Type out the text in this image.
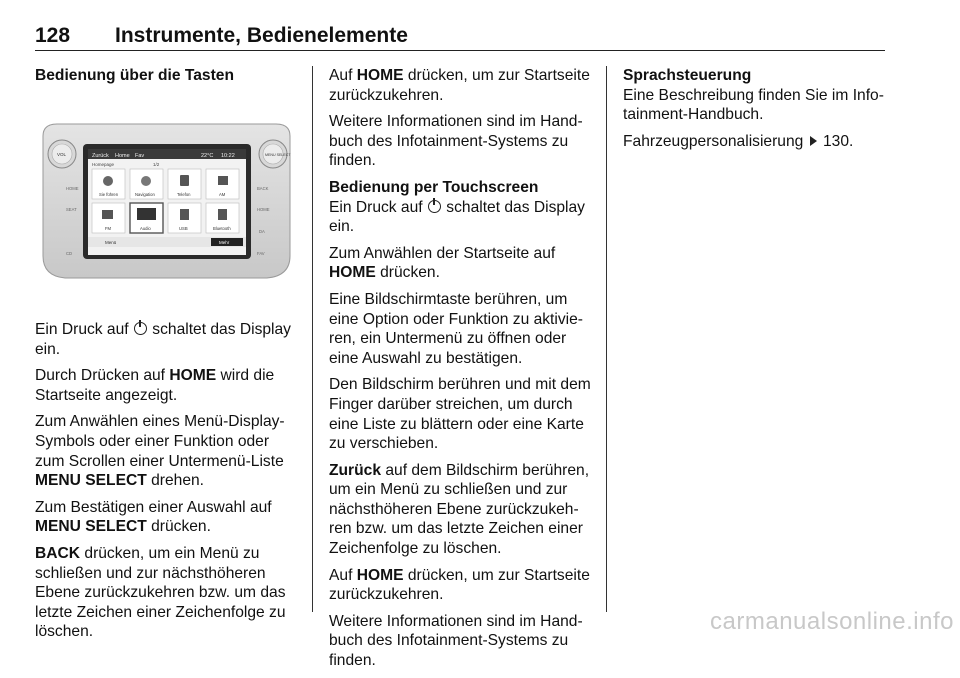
128 Instrumente, Bedienelemente

Bedienung über die Tasten

Zurück Home Fav	22°C 10:22
Homepage	1/2
Sie führen	Navigation	Telefon	AM
FM	Audio	USB	Bluetooth
Menü	Mehr
VOL	MENU SELECT
HOME
SEAT
CD
BACK
HOME
DA
FAV

Ein Druck auf schaltet das Display ein.

Durch Drücken auf HOME wird die Startseite angezeigt.

Zum Anwählen eines Menü-Display-Symbols oder einer Funktion oder zum Scrollen einer Untermenü-Liste MENU SELECT drehen.

Zum Bestätigen einer Auswahl auf MENU SELECT drücken.

BACK drücken, um ein Menü zu schließen und zur nächsthöheren Ebene zurückzukehren bzw. um das letzte Zeichen einer Zeichenfolge zu löschen.

Auf HOME drücken, um zur Startseite zurückzukehren.

Weitere Informationen sind im Hand-buch des Infotainment-Systems zu finden.

Bedienung per Touchscreen

Ein Druck auf schaltet das Display ein.

Zum Anwählen der Startseite auf HOME drücken.

Eine Bildschirmtaste berühren, um eine Option oder Funktion zu aktivie-ren, ein Untermenü zu öffnen oder eine Auswahl zu bestätigen.

Den Bildschirm berühren und mit dem Finger darüber streichen, um durch eine Liste zu blättern oder eine Karte zu verschieben.

Zurück auf dem Bildschirm berühren, um ein Menü zu schließen und zur nächsthöheren Ebene zurückzukeh-ren bzw. um das letzte Zeichen einer Zeichenfolge zu löschen.

Auf HOME drücken, um zur Startseite zurückzukehren.

Weitere Informationen sind im Hand-buch des Infotainment-Systems zu finden.

Sprachsteuerung

Eine Beschreibung finden Sie im Info-tainment-Handbuch.

Fahrzeugpersonalisierung 130.

carmanualsonline.info
